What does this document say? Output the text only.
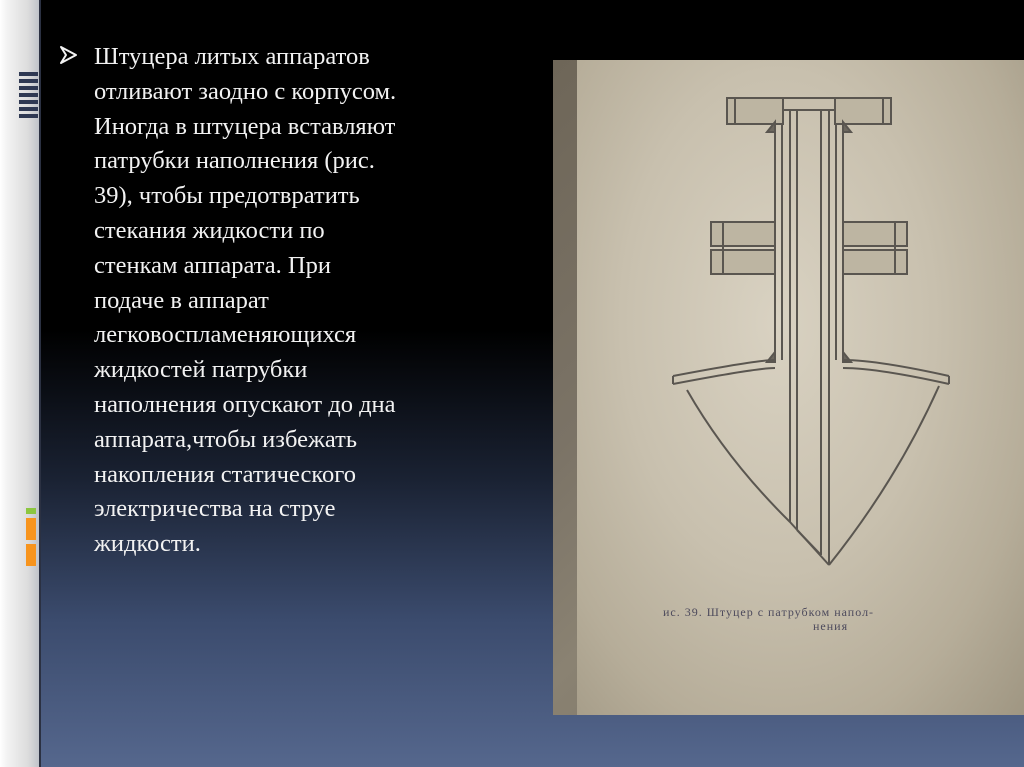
Штуцера литых аппаратов
отливают заодно с корпусом.
Иногда в штуцера вставляют
патрубки наполнения (рис.
39), чтобы предотвратить
стекания жидкости по
стенкам аппарата. При
подаче в аппарат
легковоспламеняющихся
жидкостей патрубки
наполнения опускают до дна
аппарата,чтобы избежать
накопления статического
электричества на струе
жидкости.

ис. 39. Штуцер с патрубком напол-
нения
